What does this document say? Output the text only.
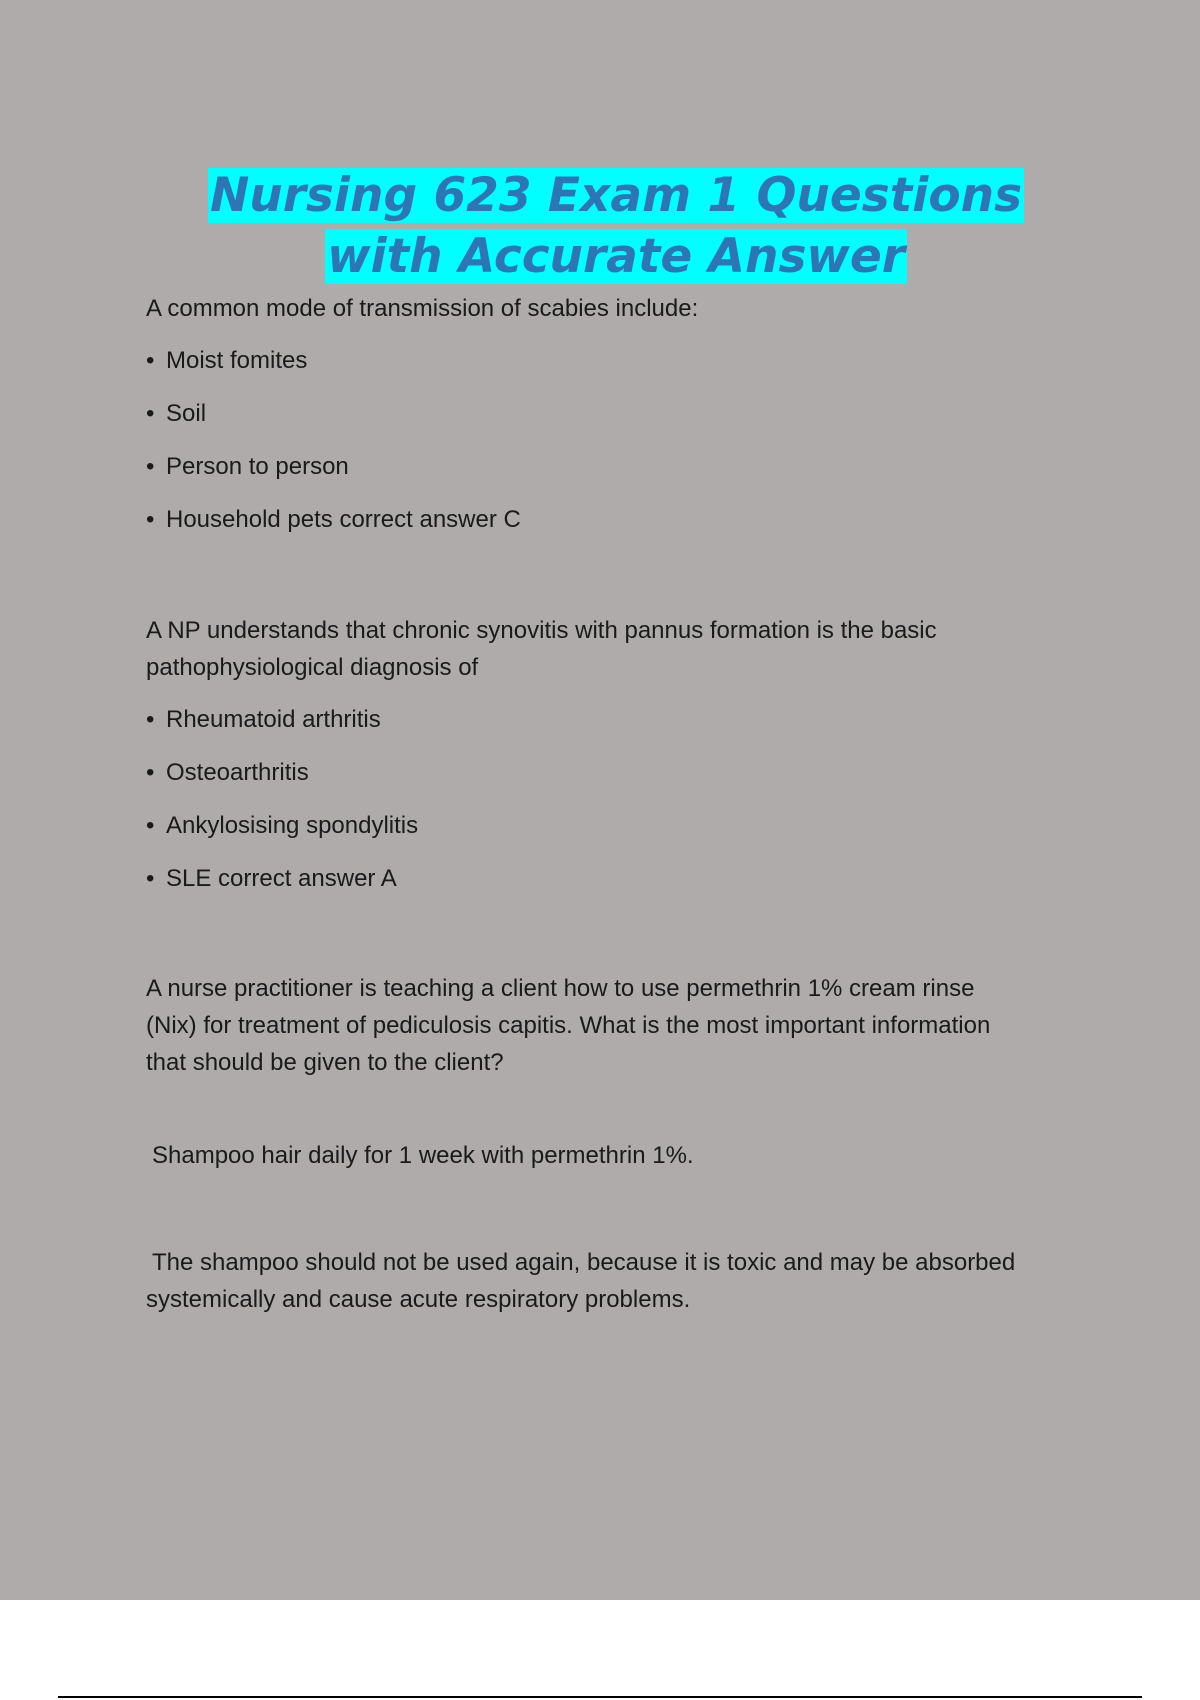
Nursing 623 Exam 1 Questions
with Accurate Answer

A common mode of transmission of scabies include:

• Moist fomites

• Soil

• Person to person

• Household pets correct answer C

A NP understands that chronic synovitis with pannus formation is the basic
pathophysiological diagnosis of

• Rheumatoid arthritis

• Osteoarthritis

• Ankylosising spondylitis

• SLE correct answer A

A nurse practitioner is teaching a client how to use permethrin 1% cream rinse
(Nix) for treatment of pediculosis capitis. What is the most important information
that should be given to the client?

Shampoo hair daily for 1 week with permethrin 1%.

The shampoo should not be used again, because it is toxic and may be absorbed
systemically and cause acute respiratory problems.
